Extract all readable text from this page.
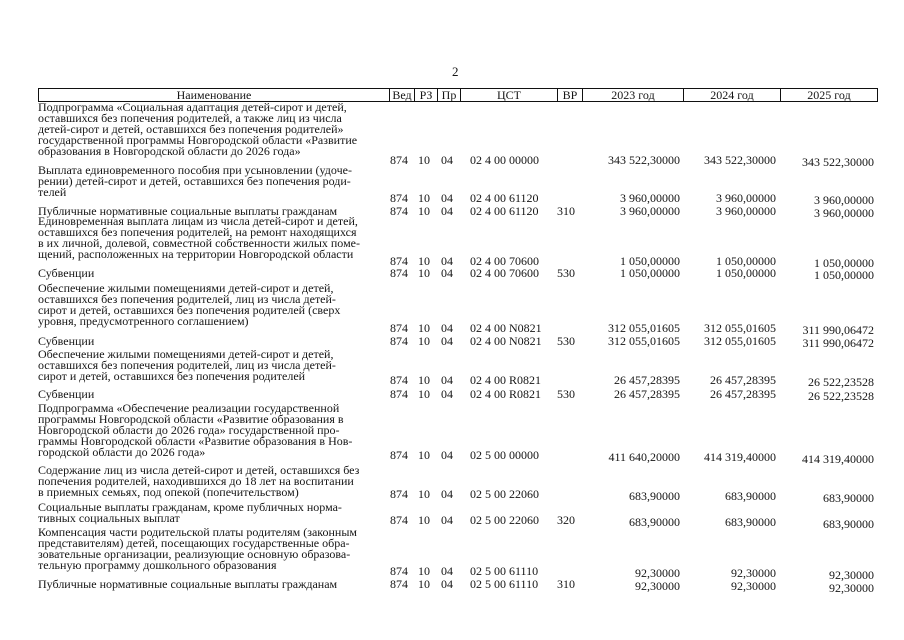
2
Наименование	Вед РЗ Пр	ЦСТ	ВР	2023 год	2024 год	2025 год
Подпрограмма «Социальная адаптация детей-сирот и детей,
оставшихся без попечения родителей, а также лиц из числа
детей-сирот и детей, оставшихся без попечения родителей»
государственной программы Новгородской области «Развитие
образования в Новгородской области до 2026 года»
874 10 04	02 4 00 00000	343 522,30000	343 522,30000	343 522,30000
Выплата единовременного пособия при усыновлении (удоче-
рении) детей-сирот и детей, оставшихся без попечения роди-
телей	874 10 04	02 4 00 61120	3 960,00000	3 960,00000	3 960,00000
Публичные нормативные социальные выплаты гражданам	874 10 04	02 4 00 61120	310	3 960,00000	3 960,00000	3 960,00000
Единовременная выплата лицам из числа детей-сирот и детей,
оставшихся без попечения родителей, на ремонт находящихся
в их личной, долевой, совместной собственности жилых поме-
щений, расположенных на территории Новгородской области	874 10 04	02 4 00 70600	1 050,00000	1 050,00000	1 050,00000
Субвенции	874 10 04	02 4 00 70600	530	1 050,00000	1 050,00000	1 050,00000
Обеспечение жилыми помещениями детей-сирот и детей,
оставшихся без попечения родителей, лиц из числа детей-
сирот и детей, оставшихся без попечения родителей (сверх
уровня, предусмотренного соглашением)	874 10 04	02 4 00 N0821	312 055,01605	312 055,01605	311 990,06472
Субвенции	874 10 04	02 4 00 N0821	530	312 055,01605	312 055,01605	311 990,06472
Обеспечение жилыми помещениями детей-сирот и детей,
оставшихся без попечения родителей, лиц из числа детей-
сирот и детей, оставшихся без попечения родителей	874 10 04	02 4 00 R0821	26 457,28395	26 457,28395	26 522,23528
Субвенции	874 10 04	02 4 00 R0821	530	26 457,28395	26 457,28395	26 522,23528
Подпрограмма «Обеспечение реализации государственной
программы Новгородской области «Развитие образования в
Новгородской области до 2026 года» государственной про-
граммы Новгородской области «Развитие образования в Нов-
городской области до 2026 года»	874 10 04	02 5 00 00000	411 640,20000	414 319,40000	414 319,40000
Содержание лиц из числа детей-сирот и детей, оставшихся без
попечения родителей, находившихся до 18 лет на воспитании
в приемных семьях, под опекой (попечительством)	874 10 04	02 5 00 22060	683,90000	683,90000	683,90000
Социальные выплаты гражданам, кроме публичных норма-
тивных социальных выплат	874 10 04	02 5 00 22060	320	683,90000	683,90000	683,90000
Компенсация части родительской платы родителям (законным
представителям) детей, посещающих государственные обра-
зовательные организации, реализующие основную образова-
тельную программу дошкольного образования	874 10 04	02 5 00 61110	92,30000	92,30000	92,30000
Публичные нормативные социальные выплаты гражданам	874 10 04	02 5 00 61110	310	92,30000	92,30000	92,30000
